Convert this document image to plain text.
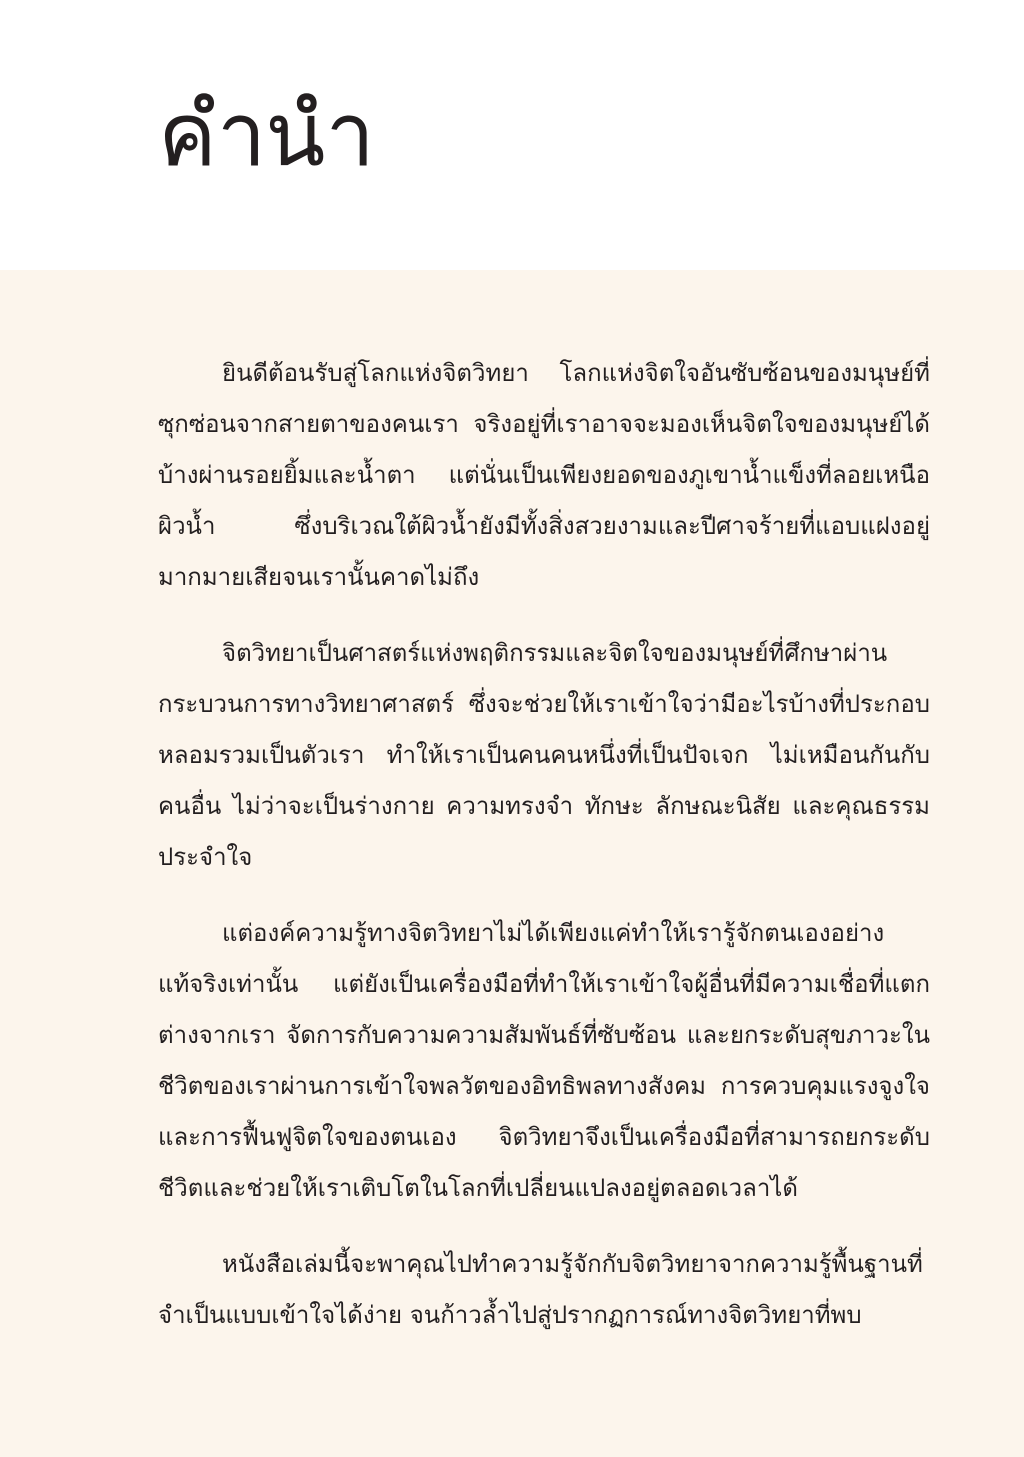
คำนำ

ยินดีต้อนรับสู่โลกแห่งจิตวิทยา โลกแห่งจิตใจอันซับซ้อนของมนุษย์ที่ซุกซ่อนจากสายตาของคนเรา จริงอยู่ที่เราอาจจะมองเห็นจิตใจของมนุษย์ได้บ้างผ่านรอยยิ้มและน้ำตา แต่นั่นเป็นเพียงยอดของภูเขาน้ำแข็งที่ลอยเหนือผิวน้ำ ซึ่งบริเวณใต้ผิวน้ำยังมีทั้งสิ่งสวยงามและปีศาจร้ายที่แอบแฝงอยู่มากมายเสียจนเรานั้นคาดไม่ถึง

จิตวิทยาเป็นศาสตร์แห่งพฤติกรรมและจิตใจของมนุษย์ที่ศึกษาผ่านกระบวนการทางวิทยาศาสตร์ ซึ่งจะช่วยให้เราเข้าใจว่ามีอะไรบ้างที่ประกอบหลอมรวมเป็นตัวเรา ทำให้เราเป็นคนคนหนึ่งที่เป็นปัจเจก ไม่เหมือนกันกับคนอื่น ไม่ว่าจะเป็นร่างกาย ความทรงจำ ทักษะ ลักษณะนิสัย และคุณธรรมประจำใจ

แต่องค์ความรู้ทางจิตวิทยาไม่ได้เพียงแค่ทำให้เรารู้จักตนเองอย่างแท้จริงเท่านั้น แต่ยังเป็นเครื่องมือที่ทำให้เราเข้าใจผู้อื่นที่มีความเชื่อที่แตกต่างจากเรา จัดการกับความความสัมพันธ์ที่ซับซ้อน และยกระดับสุขภาวะในชีวิตของเราผ่านการเข้าใจพลวัตของอิทธิพลทางสังคม การควบคุมแรงจูงใจและการฟื้นฟูจิตใจของตนเอง จิตวิทยาจึงเป็นเครื่องมือที่สามารถยกระดับชีวิตและช่วยให้เราเติบโตในโลกที่เปลี่ยนแปลงอยู่ตลอดเวลาได้

หนังสือเล่มนี้จะพาคุณไปทำความรู้จักกับจิตวิทยาจากความรู้พื้นฐานที่จำเป็นแบบเข้าใจได้ง่าย จนก้าวล้ำไปสู่ปรากฏการณ์ทางจิตวิทยาที่พบ
